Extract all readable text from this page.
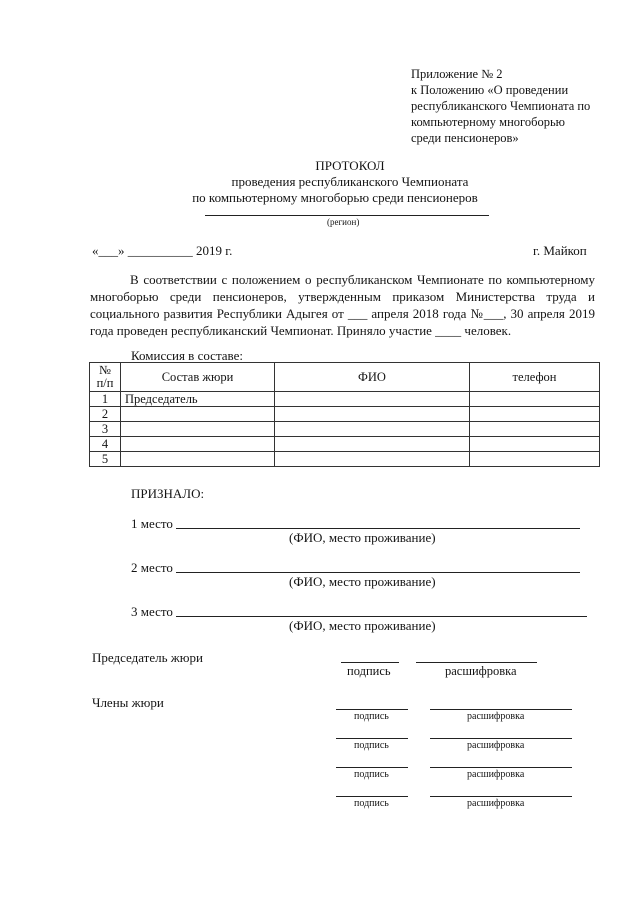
Приложение № 2
к Положению «О проведении
республиканского Чемпионата по
компьютерному многоборью
среди пенсионеров»
ПРОТОКОЛ
проведения республиканского Чемпионата
по компьютерному многоборью среди пенсионеров
(регион)
«___» __________ 2019 г.	г. Майкоп
В соответствии с положением о республиканском Чемпионате по компьютерному многоборью среди пенсионеров, утвержденным приказом Министерства труда и социального развития Республики Адыгея от ___ апреля 2018 года №___, 30 апреля 2019 года проведен республиканский Чемпионат. Приняло участие ____ человек.
Комиссия в составе:
№ п/п	Состав жюри	ФИО	телефон
1	Председатель		
2			
3			
4			
5			
ПРИЗНАЛО:
1 место
(ФИО, место проживание)
2 место
(ФИО, место проживание)
3 место
(ФИО, место проживание)
Председатель жюри
подпись	расшифровка
Члены жюри
подпись	расшифровка
подпись	расшифровка
подпись	расшифровка
подпись	расшифровка
